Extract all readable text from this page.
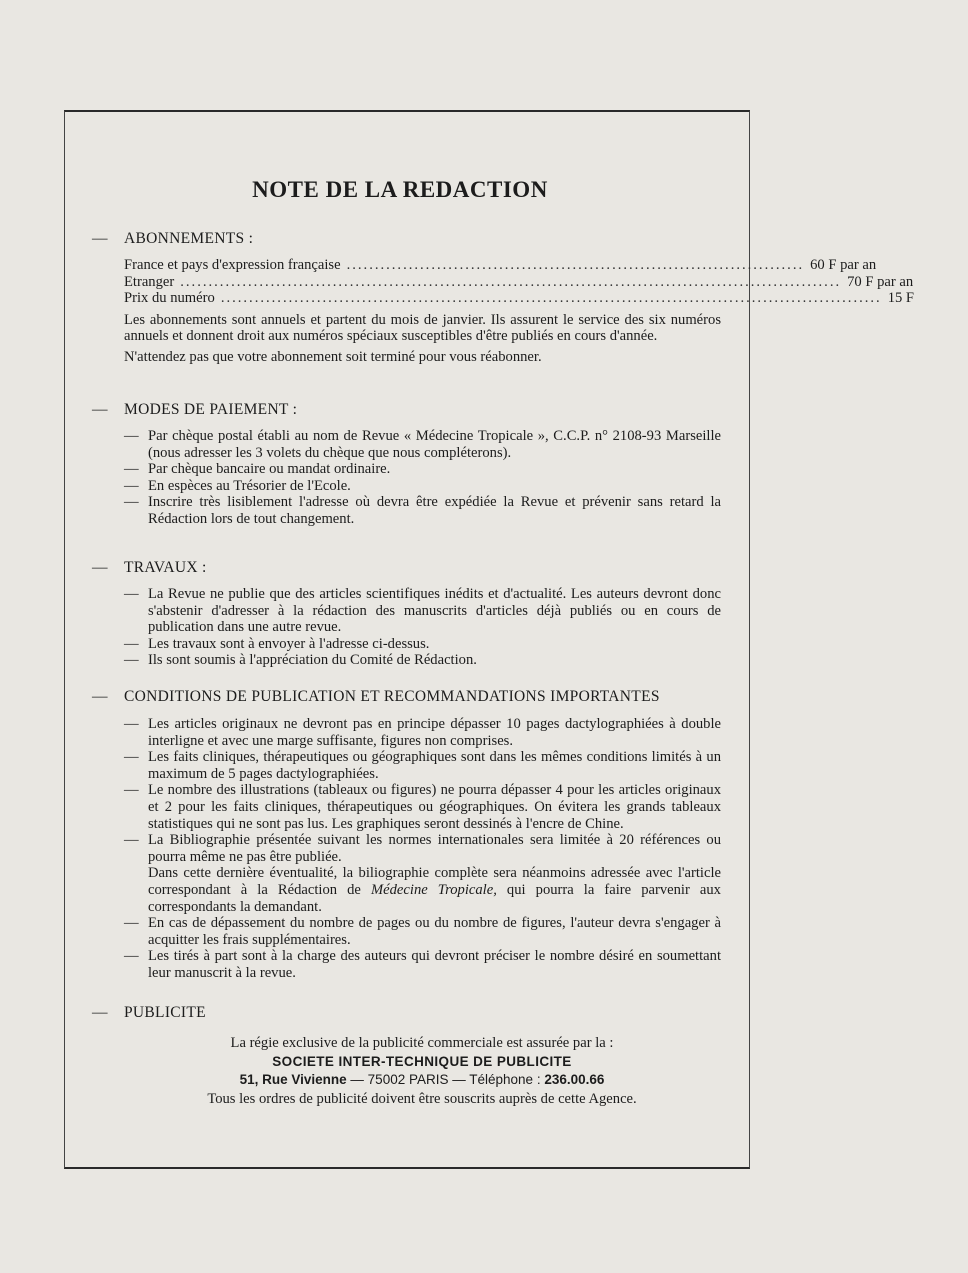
NOTE DE LA REDACTION
— ABONNEMENTS :
France et pays d'expression française ................................................................................. 60 F par an
Etranger ..................................................................................................................... 70 F par an
Prix du numéro ..................................................................................................................... 15 F

Les abonnements sont annuels et partent du mois de janvier. Ils assurent le service des six numéros annuels et donnent droit aux numéros spéciaux susceptibles d'être publiés en cours d'année.

N'attendez pas que votre abonnement soit terminé pour vous réabonner.

— MODES DE PAIEMENT :

— Par chèque postal établi au nom de Revue « Médecine Tropicale », C.C.P. n° 2108-93 Marseille (nous adresser les 3 volets du chèque que nous compléterons).

— Par chèque bancaire ou mandat ordinaire.

— En espèces au Trésorier de l'Ecole.

— Inscrire très lisiblement l'adresse où devra être expédiée la Revue et prévenir sans retard la Rédaction lors de tout changement.

— TRAVAUX :

— La Revue ne publie que des articles scientifiques inédits et d'actualité. Les auteurs devront donc s'abstenir d'adresser à la rédaction des manuscrits d'articles déjà publiés ou en cours de publication dans une autre revue.

— Les travaux sont à envoyer à l'adresse ci-dessus.

— Ils sont soumis à l'appréciation du Comité de Rédaction.

— CONDITIONS DE PUBLICATION ET RECOMMANDATIONS IMPORTANTES

— Les articles originaux ne devront pas en principe dépasser 10 pages dactylographiées à double interligne et avec une marge suffisante, figures non comprises.

— Les faits cliniques, thérapeutiques ou géographiques sont dans les mêmes conditions limités à un maximum de 5 pages dactylographiées.

— Le nombre des illustrations (tableaux ou figures) ne pourra dépasser 4 pour les articles originaux et 2 pour les faits cliniques, thérapeutiques ou géographiques. On évitera les grands tableaux statistiques qui ne sont pas lus. Les graphiques seront dessinés à l'encre de Chine.

— La Bibliographie présentée suivant les normes internationales sera limitée à 20 références ou pourra même ne pas être publiée.

Dans cette dernière éventualité, la biliographie complète sera néanmoins adressée avec l'article correspondant à la Rédaction de Médecine Tropicale, qui pourra la faire parvenir aux correspondants la demandant.

— En cas de dépassement du nombre de pages ou du nombre de figures, l'auteur devra s'engager à acquitter les frais supplémentaires.

— Les tirés à part sont à la charge des auteurs qui devront préciser le nombre désiré en soumettant leur manuscrit à la revue.

— PUBLICITE

La régie exclusive de la publicité commerciale est assurée par la :

SOCIETE INTER-TECHNIQUE DE PUBLICITE

51, Rue Vivienne — 75002 PARIS — Téléphone : 236.00.66

Tous les ordres de publicité doivent être souscrits auprès de cette Agence.
